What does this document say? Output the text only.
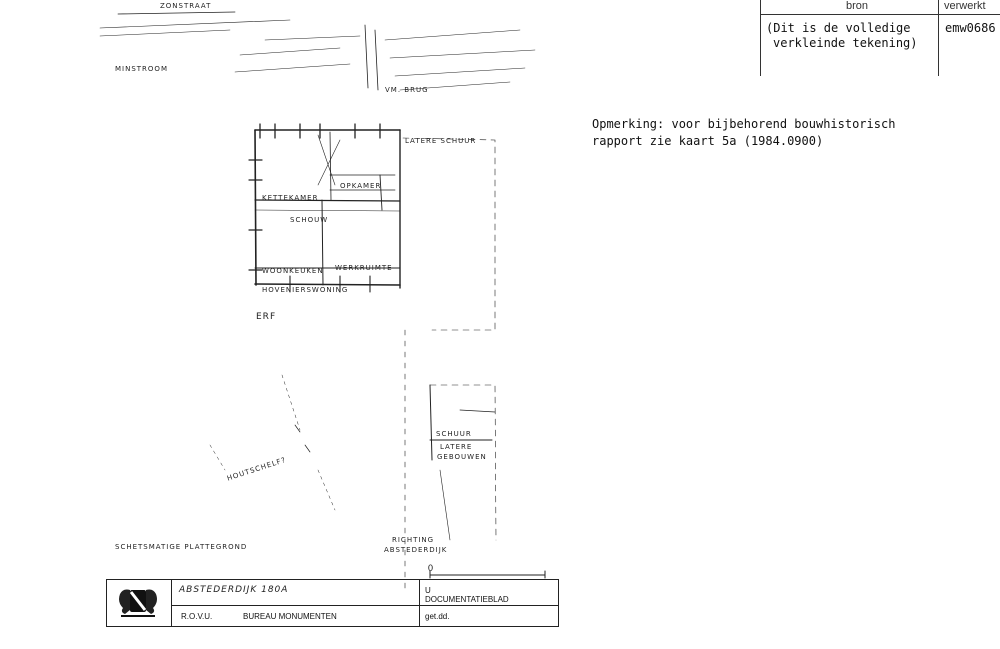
bron	verwerkt
(Dit is de volledige
verkleinde tekening)
emw0686
Opmerking: voor bijbehorend bouwhistorisch
rapport zie kaart 5a (1984.0900)
ZONSTRAAT
MINSTROOM
VM. BRUG
LATERE SCHUUR
OPKAMER
KETTEKAMER
SCHOUW
WOONKEUKEN WERKRUIMTE
HOVENIERSWONING
ERF
SCHUUR
LATERE
GEBOUWEN
HOUTSCHELF?
RICHTING
ABSTEDERDIJK
SCHETSMATIGE PLATTEGROND
0
ABSTEDERDIJK 180A
R.O.V.U.	BUREAU MONUMENTEN
U
DOCUMENTATIEBLAD
get.dd.
